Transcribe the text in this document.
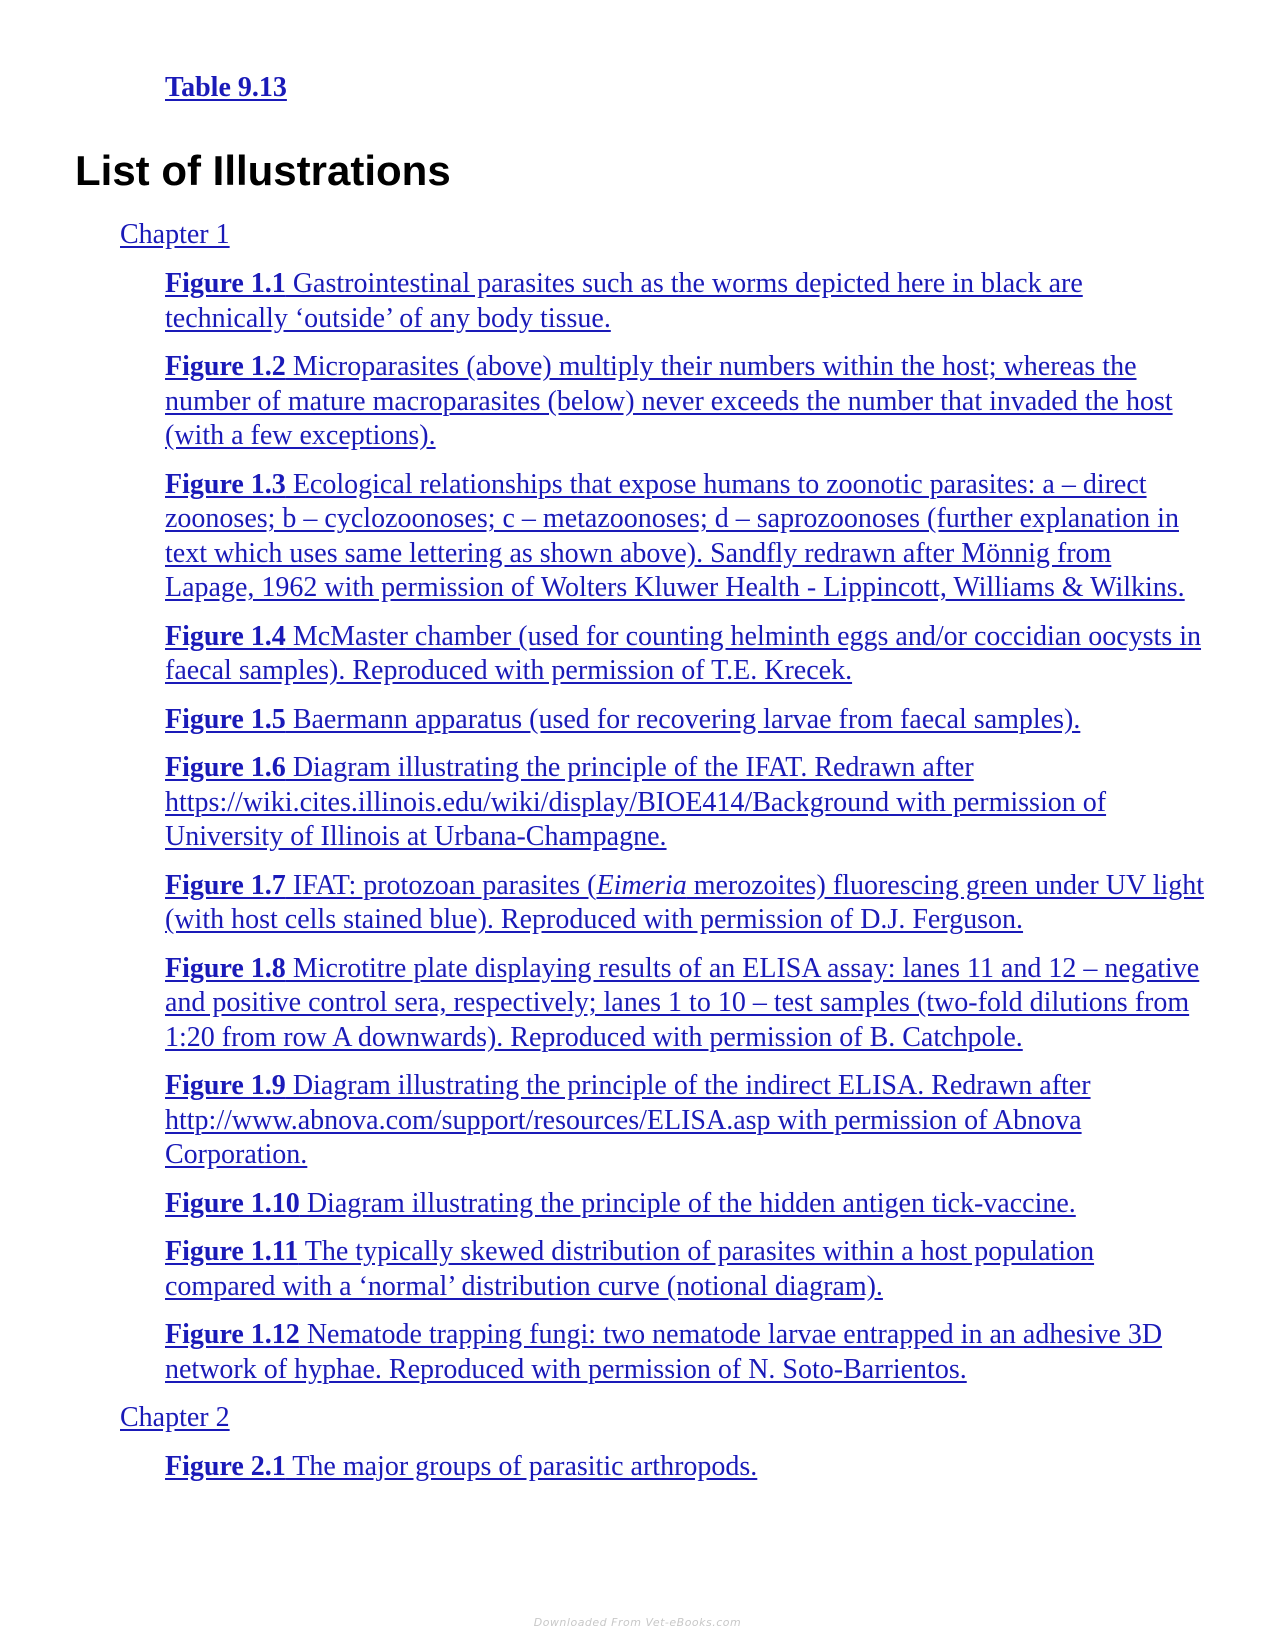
Table 9.13
List of Illustrations

Chapter 1

Figure 1.1 Gastrointestinal parasites such as the worms depicted here in black are technically ‘outside’ of any body tissue.

Figure 1.2 Microparasites (above) multiply their numbers within the host; whereas the number of mature macroparasites (below) never exceeds the number that invaded the host (with a few exceptions).

Figure 1.3 Ecological relationships that expose humans to zoonotic parasites: a – direct zoonoses; b – cyclozoonoses; c – metazoonoses; d – saprozoonoses (further explanation in text which uses same lettering as shown above). Sandfly redrawn after Mönnig from Lapage, 1962 with permission of Wolters Kluwer Health - Lippincott, Williams & Wilkins.

Figure 1.4 McMaster chamber (used for counting helminth eggs and/or coccidian oocysts in faecal samples). Reproduced with permission of T.E. Krecek.

Figure 1.5 Baermann apparatus (used for recovering larvae from faecal samples).

Figure 1.6 Diagram illustrating the principle of the IFAT. Redrawn after https://wiki.cites.illinois.edu/wiki/display/BIOE414/Background with permission of University of Illinois at Urbana-Champagne.

Figure 1.7 IFAT: protozoan parasites (Eimeria merozoites) fluorescing green under UV light (with host cells stained blue). Reproduced with permission of D.J. Ferguson.

Figure 1.8 Microtitre plate displaying results of an ELISA assay: lanes 11 and 12 – negative and positive control sera, respectively; lanes 1 to 10 – test samples (two-fold dilutions from 1:20 from row A downwards). Reproduced with permission of B. Catchpole.

Figure 1.9 Diagram illustrating the principle of the indirect ELISA. Redrawn after http://www.abnova.com/support/resources/ELISA.asp with permission of Abnova Corporation.

Figure 1.10 Diagram illustrating the principle of the hidden antigen tick-vaccine.

Figure 1.11 The typically skewed distribution of parasites within a host population compared with a ‘normal’ distribution curve (notional diagram).

Figure 1.12 Nematode trapping fungi: two nematode larvae entrapped in an adhesive 3D network of hyphae. Reproduced with permission of N. Soto-Barrientos.

Chapter 2

Figure 2.1 The major groups of parasitic arthropods.

Downloaded From Vet-eBooks.com
